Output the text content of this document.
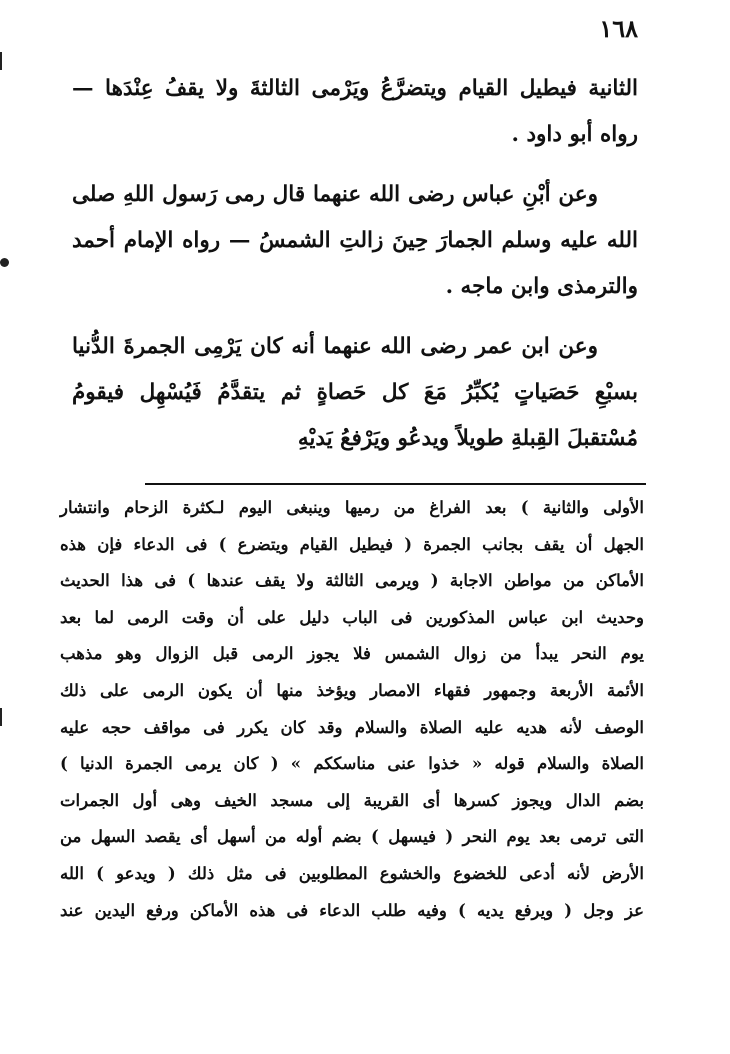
١٦٨

الثانية فيطيل القيام ويتضرَّعُ ويَرْمى الثالثةَ ولا يقفُ عِنْدَها — رواه أبو داود .

وعن أبْنِ عباس رضى الله عنهما قال رمى رَسول اللهِ صلى الله عليه وسلم الجمارَ حِينَ زالتِ الشمسُ — رواه الإمام أحمد والترمذى وابن ماجه .

وعن ابن عمر رضى الله عنهما أنه كان يَرْمِى الجمرةَ الدُّنيا بسبْعِ حَصَياتٍ يُكبِّرُ مَعَ كل حَصاةٍ ثم يتقدَّمُ فَيُسْهِل فيقومُ مُسْتقبلَ القِبلةِ طويلاً ويدعُو ويَرْفعُ يَديْهِ

الأولى والثانية ) بعد الفراغ من رميها وينبغى اليوم لـكثرة الزحام وانتشار

الجهل أن يقف بجانب الجمرة ( فيطيل القيام ويتضرع ) فى الدعاء فإن هذه

الأماكن من مواطن الاجابة ( ويرمى الثالثة ولا يقف عندها ) فى هذا الحديث

وحديث ابن عباس المذكورين فى الباب دليل على أن وقت الرمى لما بعد

يوم النحر يبدأ من زوال الشمس فلا يجوز الرمى قبل الزوال وهو مذهب

الأئمة الأربعة وجمهور فقهاء الامصار ويؤخذ منها أن يكون الرمى على ذلك

الوصف لأنه هديه عليه الصلاة والسلام وقد كان يكرر فى مواقف حجه عليه

الصلاة والسلام قوله « خذوا عنى مناسككم » ( كان يرمى الجمرة الدنيا )

بضم الدال ويجوز كسرها أى القريبة إلى مسجد الخيف وهى أول الجمرات

التى ترمى بعد يوم النحر ( فيسهل ) بضم أوله من أسهل أى يقصد السهل من

الأرض لأنه أدعى للخضوع والخشوع المطلوبين فى مثل ذلك ( ويدعو ) الله

عز وجل ( ويرفع يديه ) وفيه طلب الدعاء فى هذه الأماكن ورفع اليدين عند
